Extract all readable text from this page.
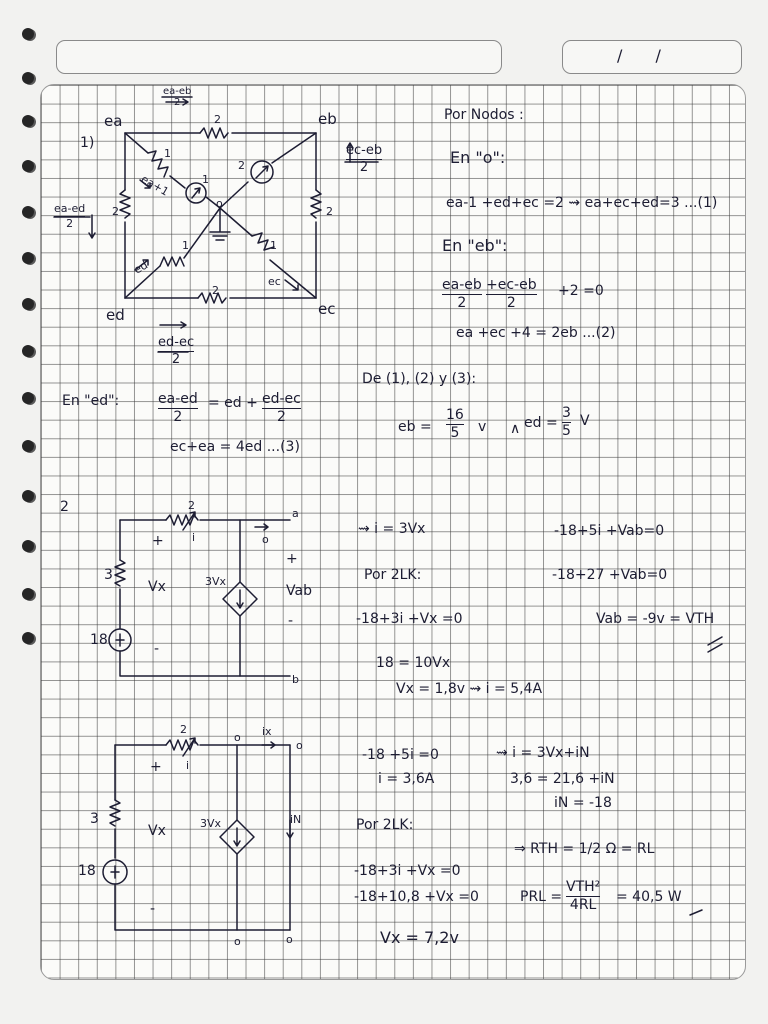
/ /
1)
ea	eb
ec
ed
o
2
2	2
2
1
1	1
1
2
ea+1
ed
ec
ea-eb
2
ea-ed
2
ec-eb
2
ed-ec
2
Por Nodos :
En "o":
ea-1 +ed+ec =2 ⇝ ea+ec+ed=3 ...(1)
En "eb":
ea-eb
2
+ec-eb
2
+2 =0
ea +ec +4 = 2eb ...(2)
En "ed":	ea-ed
2
= ed + ed-ec
2
ec+ea = 4ed ...(3)
De (1), (2) y (3):
eb =
16
5 v ∧ ed =
3
5
V
2	2
i
3
18
Vx	3Vx
Vab
a
b
o
+
-
+
-
2
i
o ix
o
+
3
Vx	3Vx	iN
18
-
o	o
⇝ i = 3Vx
Por 2LK:
-18+3i +Vx =0
18 = 10Vx
Vx = 1,8v ⇝ i = 5,4A
-18+5i +Vab=0
-18+27 +Vab=0
Vab = -9v = VTH
-18 +5i =0
i = 3,6A
Por 2LK:
-18+3i +Vx =0
-18+10,8 +Vx =0
Vx = 7,2v
⇝ i = 3Vx+iN
3,6 = 21,6 +iN
iN = -18
⇒ RTH = 1/2 Ω = RL
PRL =
VTH²
4RL
= 40,5 W
